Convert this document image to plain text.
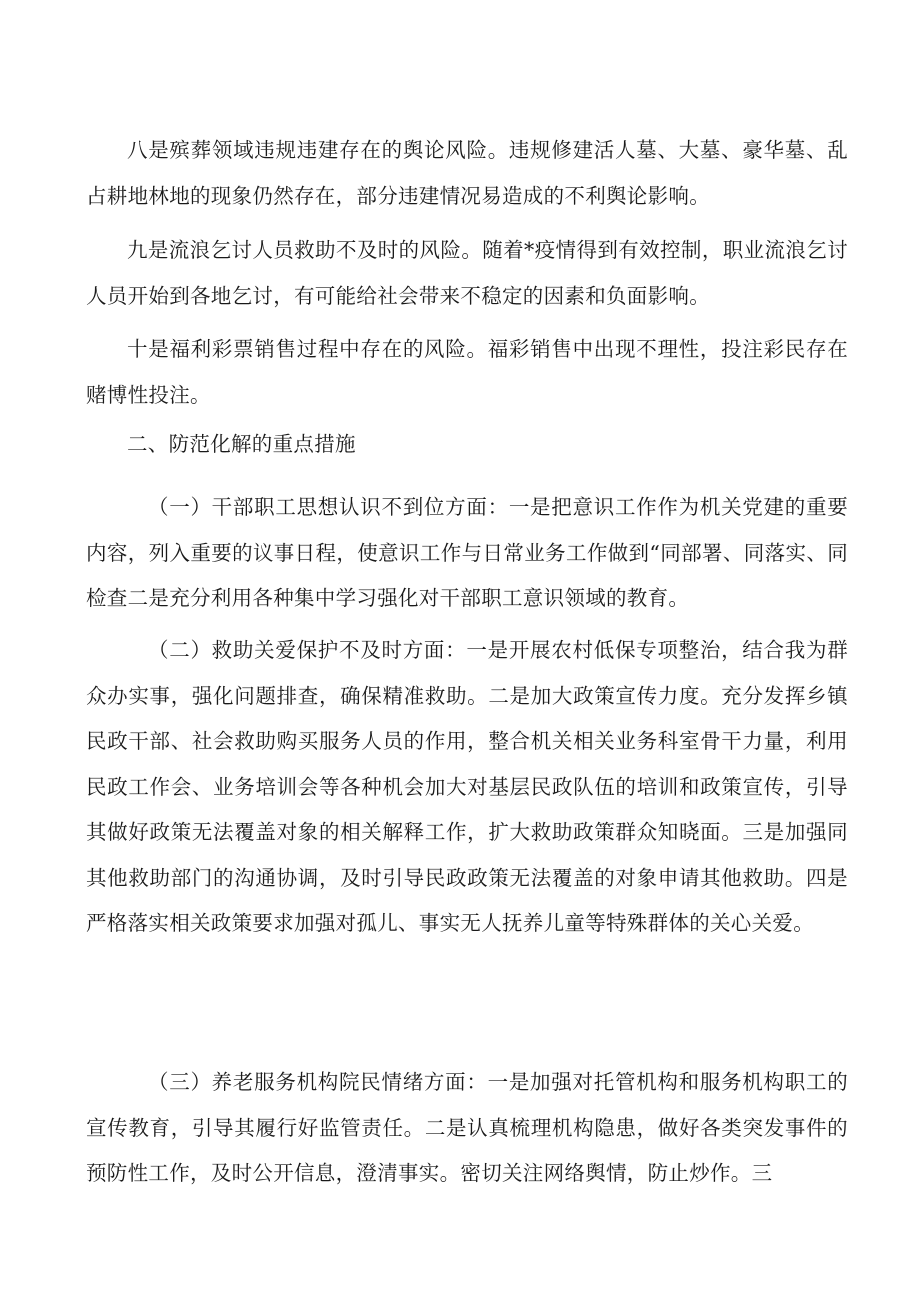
八是殡葬领域违规违建存在的舆论风险。违规修建活人墓、大墓、豪华墓、乱占耕地林地的现象仍然存在，部分违建情况易造成的不利舆论影响。

九是流浪乞讨人员救助不及时的风险。随着*疫情得到有效控制，职业流浪乞讨人员开始到各地乞讨，有可能给社会带来不稳定的因素和负面影响。

十是福利彩票销售过程中存在的风险。福彩销售中出现不理性，投注彩民存在赌博性投注。

二、防范化解的重点措施

（一）干部职工思想认识不到位方面：一是把意识工作作为机关党建的重要内容，列入重要的议事日程，使意识工作与日常业务工作做到“同部署、同落实、同检查二是充分利用各种集中学习强化对干部职工意识领域的教育。

（二）救助关爱保护不及时方面：一是开展农村低保专项整治，结合我为群众办实事，强化问题排查，确保精准救助。二是加大政策宣传力度。充分发挥乡镇民政干部、社会救助购买服务人员的作用，整合机关相关业务科室骨干力量，利用民政工作会、业务培训会等各种机会加大对基层民政队伍的培训和政策宣传，引导其做好政策无法覆盖对象的相关解释工作，扩大救助政策群众知晓面。三是加强同其他救助部门的沟通协调，及时引导民政政策无法覆盖的对象申请其他救助。四是严格落实相关政策要求加强对孤儿、事实无人抚养儿童等特殊群体的关心关爱。

（三）养老服务机构院民情绪方面：一是加强对托管机构和服务机构职工的宣传教育，引导其履行好监管责任。二是认真梳理机构隐患，做好各类突发事件的预防性工作，及时公开信息，澄清事实。密切关注网络舆情，防止炒作。三
